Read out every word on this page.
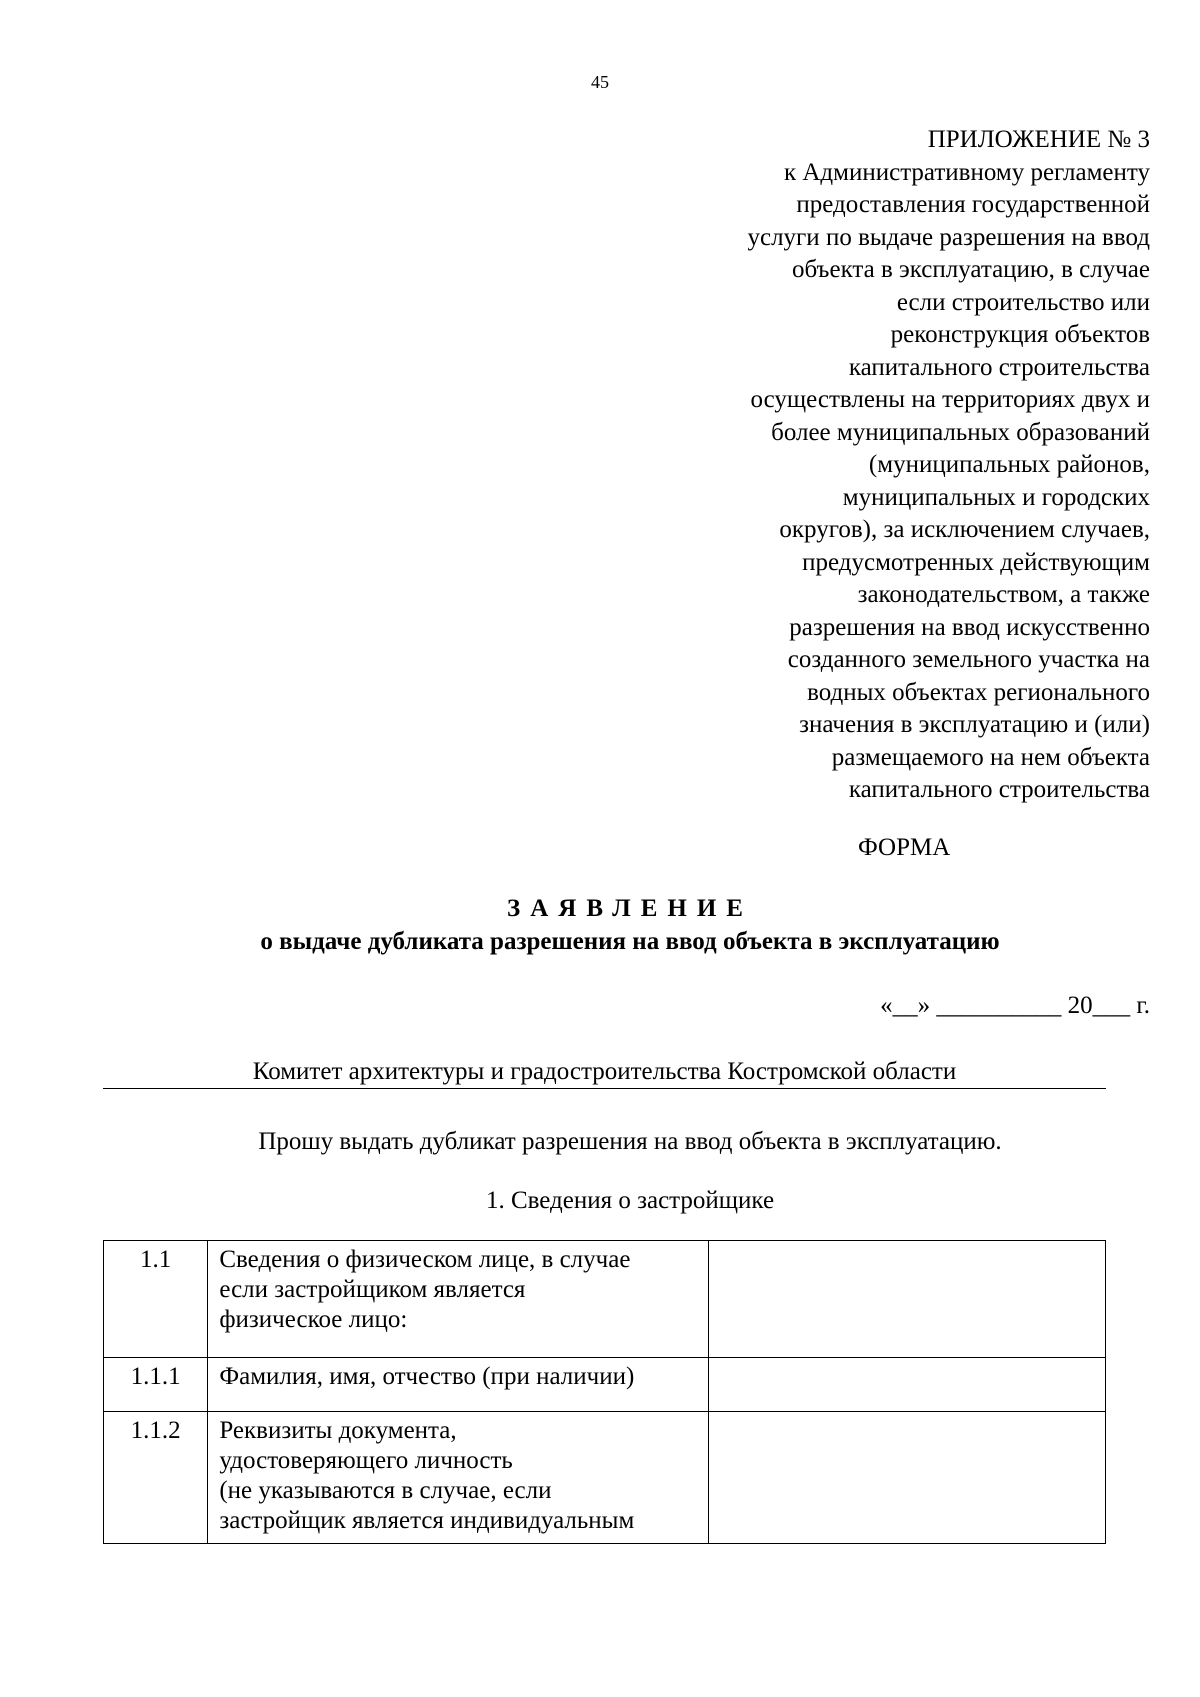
45
ПРИЛОЖЕНИЕ № 3
к Административному регламенту
предоставления государственной
услуги по выдаче разрешения на ввод
объекта в эксплуатацию, в случае
если строительство или
реконструкция объектов
капитального строительства
осуществлены на территориях двух и
более муниципальных образований
(муниципальных районов,
муниципальных и городских
округов), за исключением случаев,
предусмотренных действующим
законодательством, а также
разрешения на ввод искусственно
созданного земельного участка на
водных объектах регионального
значения в эксплуатацию и (или)
размещаемого на нем объекта
капитального строительства
ФОРМА
ЗАЯВЛЕНИЕ
о выдаче дубликата разрешения на ввод объекта в эксплуатацию
«__» __________ 20___ г.
Комитет архитектуры и градостроительства Костромской области
Прошу выдать дубликат разрешения на ввод объекта в эксплуатацию.
1. Сведения о застройщике
1.1	Сведения о физическом лице, в случае
если застройщиком является
физическое лицо:	

1.1.1	Фамилия, имя, отчество (при наличии)	

1.1.2	Реквизиты документа,
удостоверяющего личность
(не указываются в случае, если
застройщик является индивидуальным	
